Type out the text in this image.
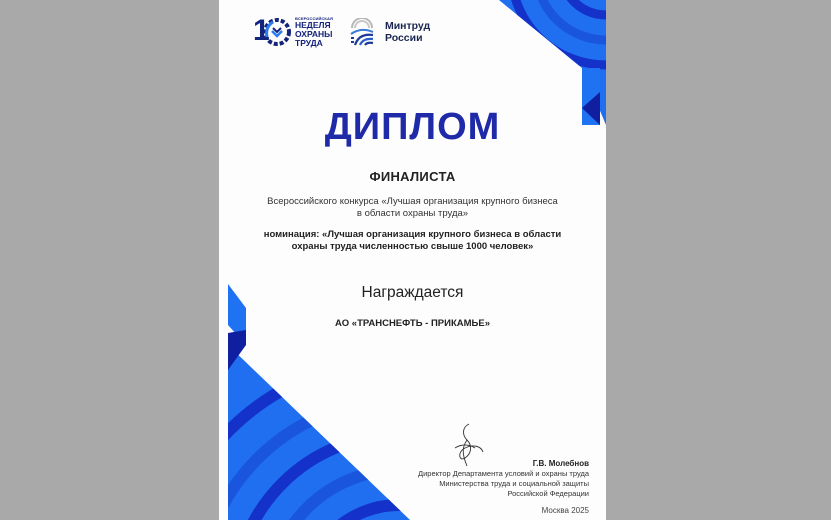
1	ВСЕРОССИЙСКАЯ
НЕДЕЛЯ
ОХРАНЫ
ТРУДА
Минтруд
России
ДИПЛОМ
ФИНАЛИСТА
Всероссийского конкурса «Лучшая организация крупного бизнеса
в области охраны труда»
номинация: «Лучшая организация крупного бизнеса в области
охраны труда численностью свыше 1000 человек»
Награждается
АО «ТРАНСНЕФТЬ - ПРИКАМЬЕ»
Г.В. Молебнов
Директор Департамента условий и охраны труда
Министерства труда и социальной защиты
Российской Федерации
Москва 2025
